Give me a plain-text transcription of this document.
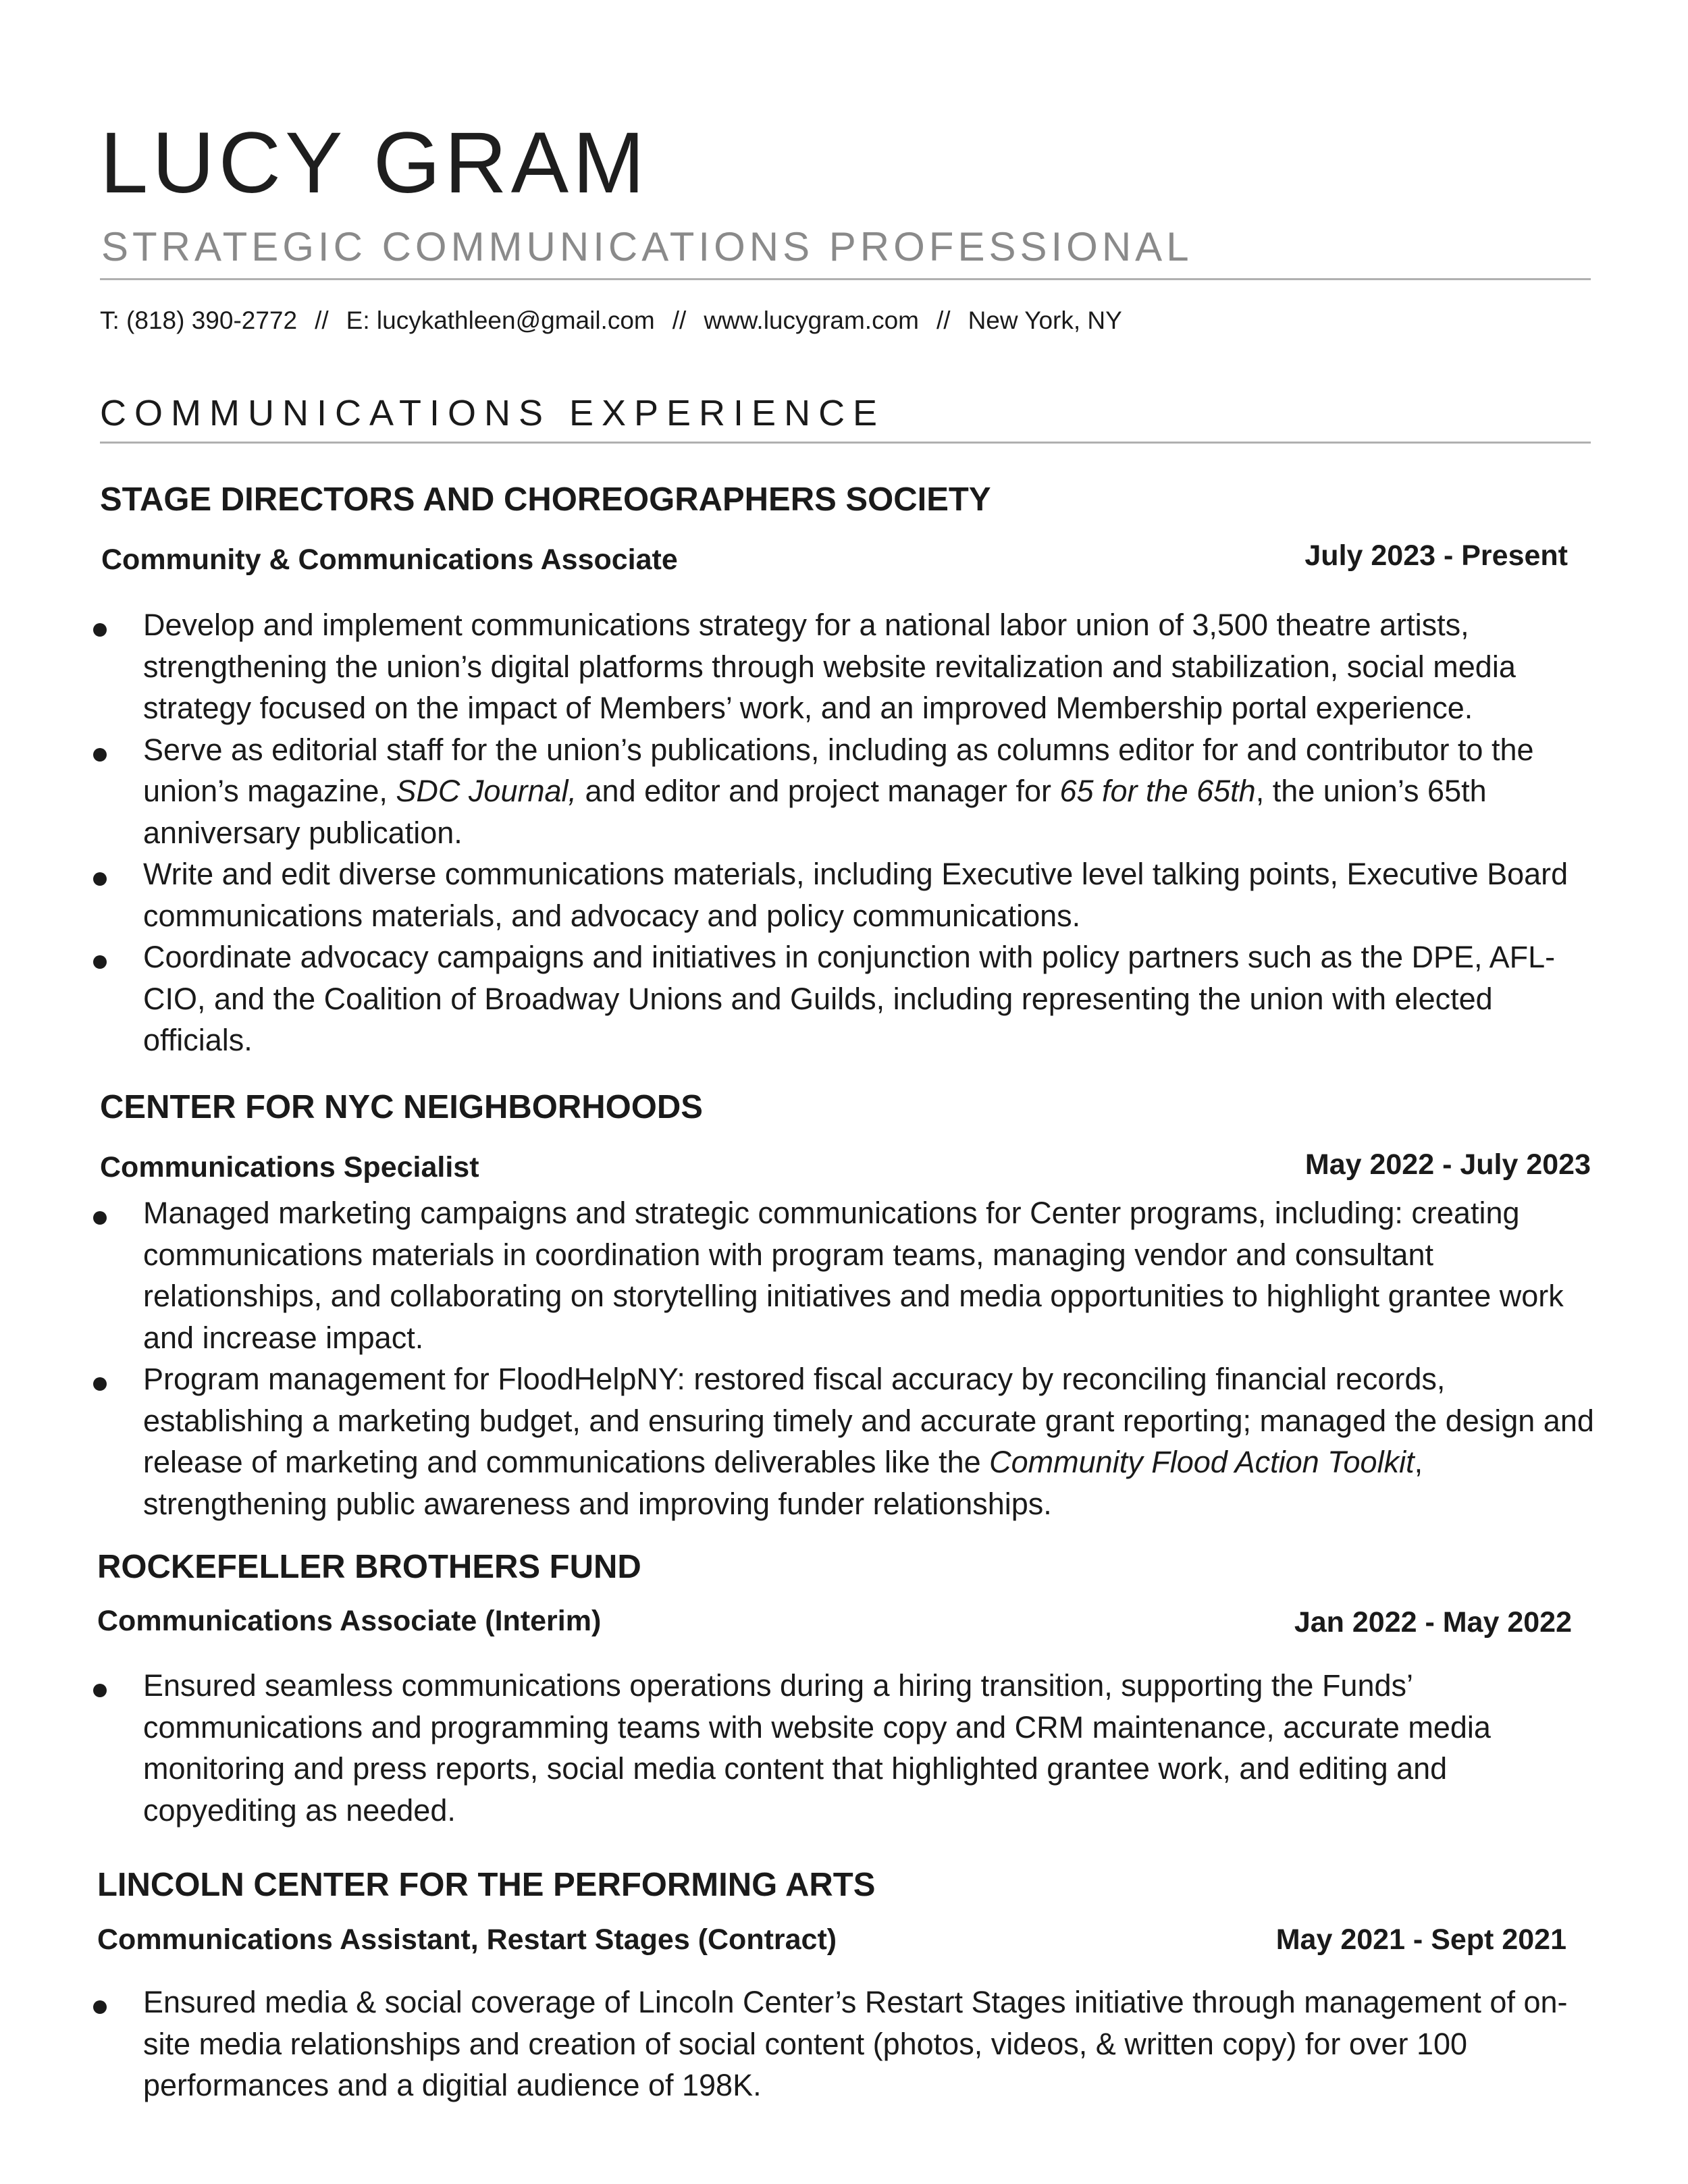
LUCY GRAM
STRATEGIC COMMUNICATIONS PROFESSIONAL
T: (818) 390-2772 // E: lucykathleen@gmail.com // www.lucygram.com // New York, NY
COMMUNICATIONS EXPERIENCE
STAGE DIRECTORS AND CHOREOGRAPHERS SOCIETY
Community & Communications Associate	July 2023 - Present
Develop and implement communications strategy for a national labor union of 3,500 theatre artists, strengthening the union’s digital platforms through website revitalization and stabilization, social media strategy focused on the impact of Members’ work, and an improved Membership portal experience.
Serve as editorial staff for the union’s publications, including as columns editor for and contributor to the union’s magazine, SDC Journal, and editor and project manager for 65 for the 65th, the union’s 65th anniversary publication.
Write and edit diverse communications materials, including Executive level talking points, Executive Board communications materials, and advocacy and policy communications.
Coordinate advocacy campaigns and initiatives in conjunction with policy partners such as the DPE, AFL-CIO, and the Coalition of Broadway Unions and Guilds, including representing the union with elected officials.
CENTER FOR NYC NEIGHBORHOODS
Communications Specialist	May 2022 - July 2023
Managed marketing campaigns and strategic communications for Center programs, including: creating communications materials in coordination with program teams, managing vendor and consultant relationships, and collaborating on storytelling initiatives and media opportunities to highlight grantee work and increase impact.
Program management for FloodHelpNY: restored fiscal accuracy by reconciling financial records, establishing a marketing budget, and ensuring timely and accurate grant reporting; managed the design and release of marketing and communications deliverables like the Community Flood Action Toolkit, strengthening public awareness and improving funder relationships.
ROCKEFELLER BROTHERS FUND
Communications Associate (Interim)	Jan 2022 - May 2022
Ensured seamless communications operations during a hiring transition, supporting the Funds’ communications and programming teams with website copy and CRM maintenance, accurate media monitoring and press reports, social media content that highlighted grantee work, and editing and copyediting as needed.
LINCOLN CENTER FOR THE PERFORMING ARTS
Communications Assistant, Restart Stages (Contract)	May 2021 - Sept 2021
Ensured media & social coverage of Lincoln Center’s Restart Stages initiative through management of on-site media relationships and creation of social content (photos, videos, & written copy) for over 100 performances and a digitial audience of 198K.
